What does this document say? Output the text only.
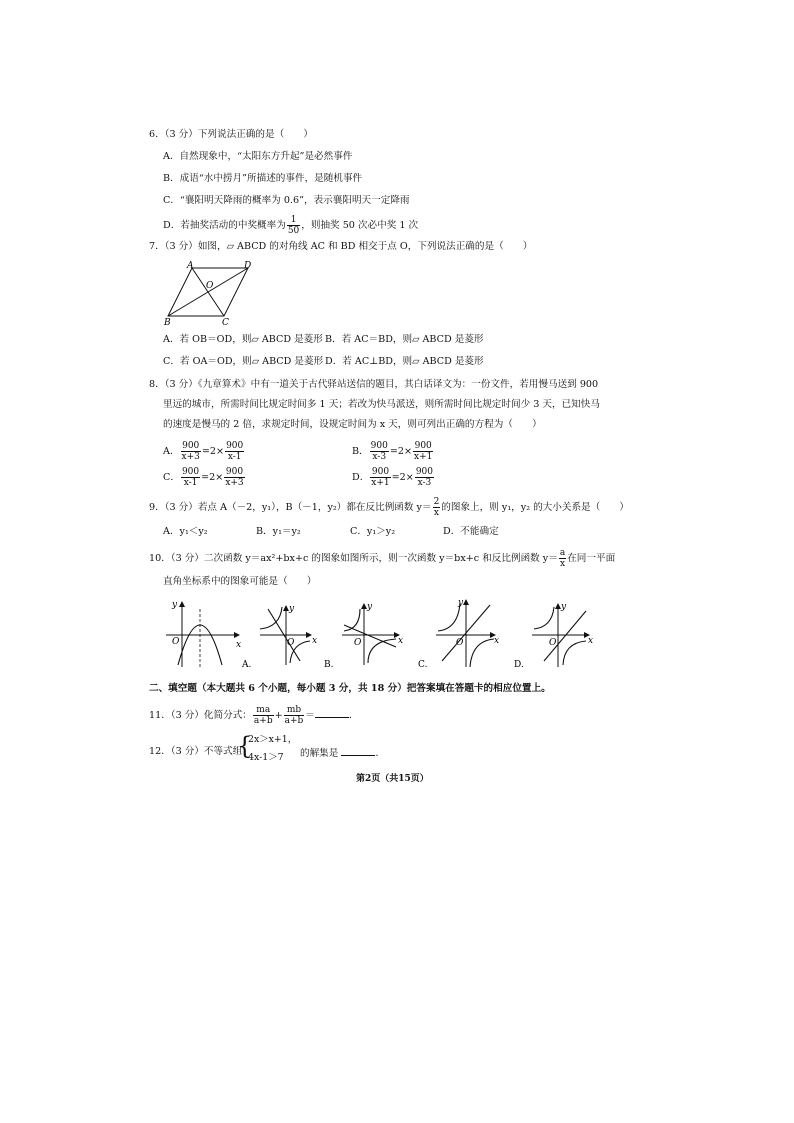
6．（3 分）下列说法正确的是（　　）
A．自然现象中，“太阳东方升起”是必然事件
B．成语“水中捞月”所描述的事件，是随机事件
C．“襄阳明天降雨的概率为 0.6”，表示襄阳明天一定降雨
D．若抽奖活动的中奖概率为 $\frac{1}{50}$ ，则抽奖 50 次必中奖 1 次
7．（3 分）如图，▱ ABCD 的对角线 AC 和 BD 相交于点 O，下列说法正确的是（　　）
A	D
O
B	C
A．若 OB＝OD，则▱ ABCD 是菱形 B．若 AC＝BD，则▱ ABCD 是菱形
C．若 OA＝OD，则▱ ABCD 是菱形 D．若 AC⊥BD，则▱ ABCD 是菱形
8．（3 分）《九章算术》中有一道关于古代驿站送信的题目，其白话译文为：一份文件，若用慢马送到 900
里远的城市，所需时间比规定时间多 1 天；若改为快马派送，则所需时间比规定时间少 3 天，已知快马
的速度是慢马的 2 倍，求规定时间，设规定时间为 x 天，则可列出正确的方程为（　　）
A． $\frac{900}{x+3} =2\times \frac{900}{x-1}$	B． $\frac{900}{x-3} =2\times \frac{900}{x+1}$
C． $\frac{900}{x-1} =2\times \frac{900}{x+3}$	D． $\frac{900}{x+1} =2\times \frac{900}{x-3}$
9．（3 分）若点 A（－2，y₁），B（－1，y₂）都在反比例函数 $y= \frac{2}{x}$ 的图象上，则 y₁，y₂ 的大小关系是（　　）
A．y₁＜y₂	B．y₁＝y₂	C．y₁＞y₂	D．不能确定
10．（3 分）二次函数 y＝ax²+bx+c 的图象如图所示，则一次函数 y＝bx+c 和反比例函数 $y= \frac{a}{x}$ 在同一平面
直角坐标系中的图象可能是（　　）
y
x
O
y
x
O
A.
y
x
O
B.
y
x
O
C.
y
x
O
D.
二、填空题（本大题共 6 个小题，每小题 3 分，共 18 分）把答案填在答题卡的相应位置上。
11．（3 分）化简分式： $\frac{ma}{a+b} + \frac{mb}{a+b}$ ＝	．
12．（3 分）不等式组
{
2x＞x+1，
4x-1＞7 的解集是	．
第2页（共15页）
